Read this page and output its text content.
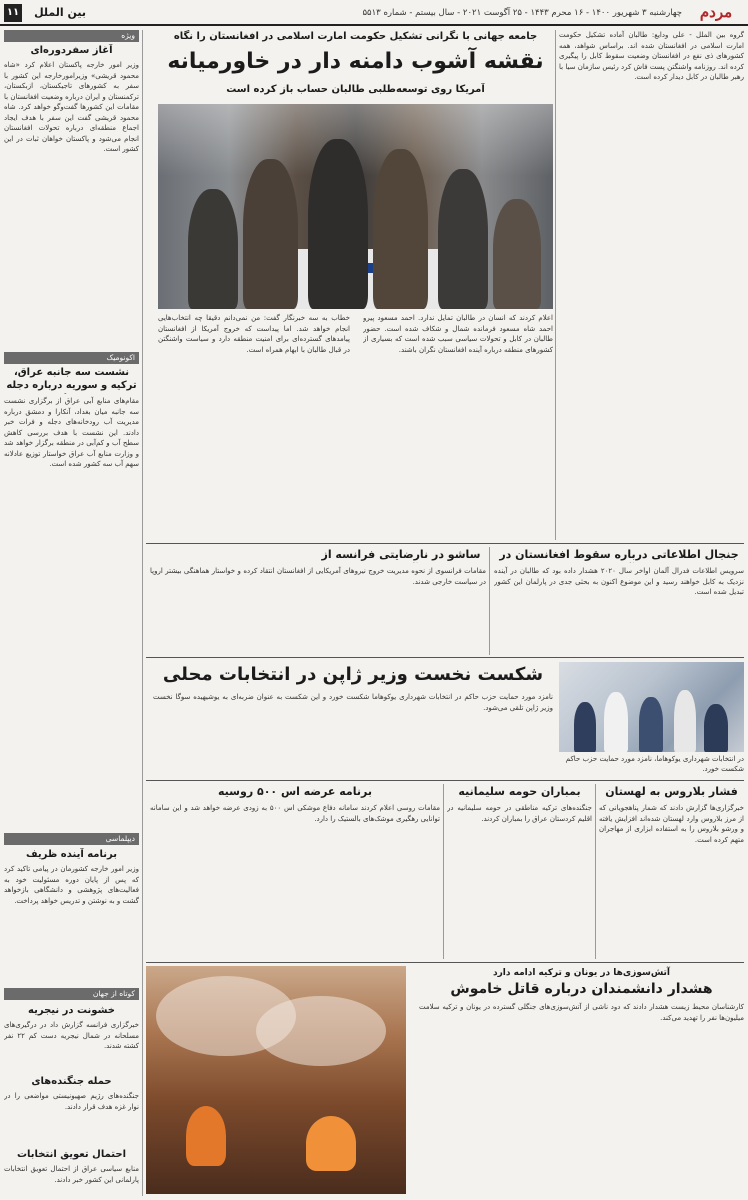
مردم
چهارشنبه ۳ شهریور ۱۴۰۰ - ۱۶ محرم ۱۴۴۳ - ۲۵ آگوست ۲۰۲۱ - سال بیستم - شماره ۵۵۱۳
بین الملل
۱۱
ویژه
آغاز سفردوره‌ای
وزیر امور خارجه پاکستان اعلام کرد «شاه محمود قریشی» وزیرامورخارجه این کشور با سفر به کشورهای تاجیکستان، ازبکستان، ترکمنستان و ایران درباره وضعیت افغانستان با مقامات این کشورها گفت‌وگو خواهد کرد. شاه محمود قریشی گفت این سفر با هدف ایجاد اجماع منطقه‌ای درباره تحولات افغانستان انجام می‌شود و پاکستان خواهان ثبات در این کشور است.
اکونومیک
نشست سه جانبه عراق، ترکیه و سوریه درباره دجله
مقام‌های منابع آبی عراق از برگزاری نشست سه جانبه میان بغداد، آنکارا و دمشق درباره مدیریت آب رودخانه‌های دجله و فرات خبر دادند. این نشست با هدف بررسی کاهش سطح آب و کم‌آبی در منطقه برگزار خواهد شد و وزارت منابع آب عراق خواستار توزیع عادلانه سهم آب سه کشور شده است.
دیپلماسی
برنامه آینده ظریف
وزیر امور خارجه کشورمان در پیامی تاکید کرد که پس از پایان دوره مسئولیت خود به فعالیت‌های پژوهشی و دانشگاهی بازخواهد گشت و به نوشتن و تدریس خواهد پرداخت.
کوتاه از جهان
خشونت در نیجریه
خبرگزاری فرانسه گزارش داد در درگیری‌های مسلحانه در شمال نیجریه دست کم ۲۲ نفر کشته شدند.
حمله جنگنده‌های
جنگنده‌های رژیم صهیونیستی مواضعی را در نوار غزه هدف قرار دادند.
احتمال تعویق انتخابات
منابع سیاسی عراق از احتمال تعویق انتخابات پارلمانی این کشور خبر دادند.
گروه بین الملل - علی ودایع: طالبان آماده تشکیل حکومت امارت اسلامی در افغانستان شده اند. براساس شواهد، همه کشورهای ذی نفع در افغانستان وضعیت سقوط کابل را پیگیری کرده اند. روزنامه واشنگتن پست فاش کرد رئیس سازمان سیا با رهبر طالبان در کابل دیدار کرده است.
جامعه جهانی با نگرانی تشکیل حکومت امارت اسلامی در افغانستان را نگاه
نقشه آشوب دامنه دار در خاورمیانه
آمریکا روی توسعه‌طلبی طالبان حساب باز کرده است
اعلام کردند که انسان در طالبان تمایل ندارد. احمد مسعود پیرو احمد شاه مسعود فرمانده شمال و شکاف شده است. حضور طالبان در کابل و تحولات سیاسی سبب شده است که بسیاری از کشورهای منطقه درباره آینده افغانستان نگران باشند.
خطاب به سه خبرنگار گفت: من نمی‌دانم دقیقا چه انتخاب‌هایی انجام خواهد شد. اما پیداست که خروج آمریکا از افغانستان پیامدهای گسترده‌ای برای امنیت منطقه دارد و سیاست واشنگتن در قبال طالبان با ابهام همراه است.
جنجال اطلاعاتی درباره سقوط افغانستان در
سرویس اطلاعات فدرال آلمان اواخر سال ۲۰۲۰ هشدار داده بود که طالبان در آینده نزدیک به کابل خواهند رسید و این موضوع اکنون به بحثی جدی در پارلمان این کشور تبدیل شده است.
ساشو در نارضایتی فرانسه از
مقامات فرانسوی از نحوه مدیریت خروج نیروهای آمریکایی از افغانستان انتقاد کرده و خواستار هماهنگی بیشتر اروپا در سیاست خارجی شدند.
شکست نخست وزیر ژاپن در انتخابات محلی
نامزد مورد حمایت حزب حاکم در انتخابات شهرداری یوکوهاما شکست خورد و این شکست به عنوان ضربه‌ای به یوشیهیده سوگا نخست وزیر ژاپن تلقی می‌شود.
در انتخابات شهرداری یوکوهاما، نامزد مورد حمایت حزب حاکم شکست خورد.
فشار بلاروس به لهستان
خبرگزاری‌ها گزارش دادند که شمار پناهجویانی که از مرز بلاروس وارد لهستان شده‌اند افزایش یافته و ورشو بلاروس را به استفاده ابزاری از مهاجران متهم کرده است.
بمباران حومه سلیمانیه
جنگنده‌های ترکیه مناطقی در حومه سلیمانیه در اقلیم کردستان عراق را بمباران کردند.
برنامه عرضه اس ۵۰۰ روسیه
مقامات روسی اعلام کردند سامانه دفاع موشکی اس ۵۰۰ به زودی عرضه خواهد شد و این سامانه توانایی رهگیری موشک‌های بالستیک را دارد.
آتش‌سوزی‌ها در یونان و ترکیه ادامه دارد
هشدار دانشمندان درباره قاتل خاموش
کارشناسان محیط زیست هشدار دادند که دود ناشی از آتش‌سوزی‌های جنگلی گسترده در یونان و ترکیه سلامت میلیون‌ها نفر را تهدید می‌کند.
